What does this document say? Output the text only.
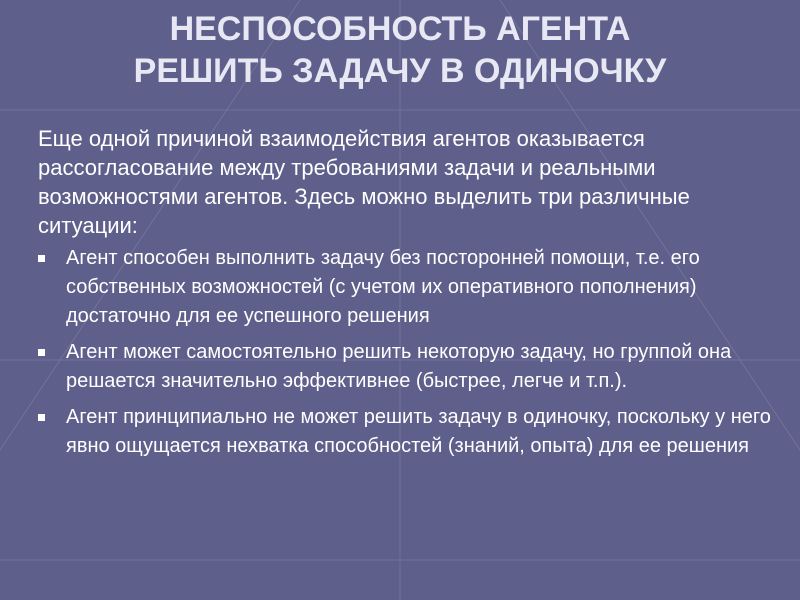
НЕСПОСОБНОСТЬ АГЕНТА
РЕШИТЬ ЗАДАЧУ В ОДИНОЧКУ

Еще одной причиной взаимодействия агентов оказывается рассогласование между требованиями задачи и реальными возможностями агентов. Здесь можно выделить три различные ситуации:

Агент способен выполнить задачу без посторонней помощи, т.е. его собственных возможностей (с учетом их оперативного пополнения) достаточно для ее успешного решения
Агент может самостоятельно решить некоторую задачу, но группой она решается значительно эффективнее (быстрее, легче и т.п.).
Агент принципиально не может решить задачу в одиночку, поскольку у него явно ощущается нехватка способностей (знаний, опыта) для ее решения
